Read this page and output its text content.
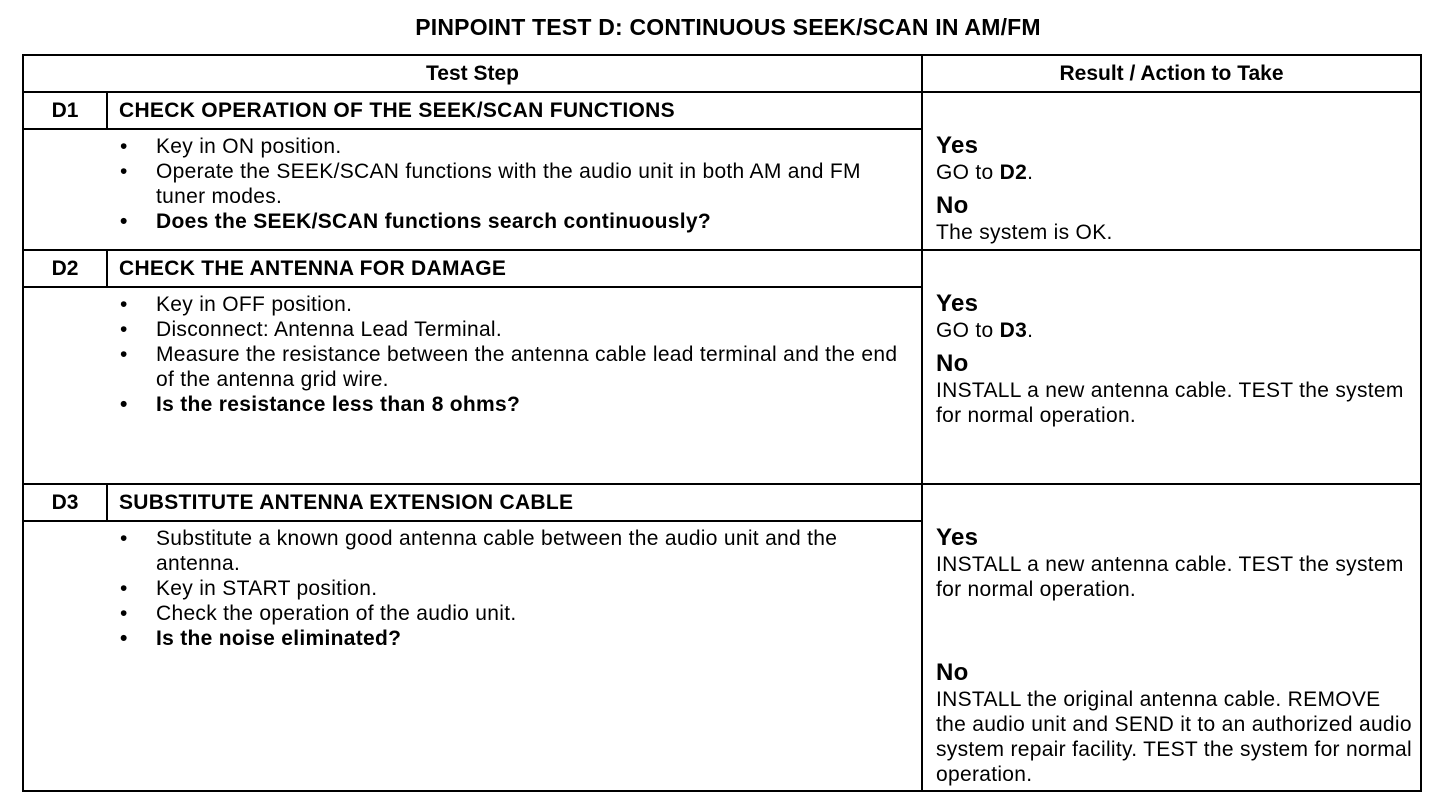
PINPOINT TEST D: CONTINUOUS SEEK/SCAN IN AM/FM
Test Step	Result / Action to Take
D1	CHECK OPERATION OF THE SEEK/SCAN FUNCTIONS
• Key in ON position.
• Operate the SEEK/SCAN functions with the audio unit in both AM and FM tuner modes.
• Does the SEEK/SCAN functions search continuously?
Yes
GO to D2.
No
The system is OK.
D2	CHECK THE ANTENNA FOR DAMAGE
• Key in OFF position.
• Disconnect: Antenna Lead Terminal.
• Measure the resistance between the antenna cable lead terminal and the end of the antenna grid wire.
• Is the resistance less than 8 ohms?
Yes
GO to D3.
No
INSTALL a new antenna cable. TEST the system for normal operation.
D3	SUBSTITUTE ANTENNA EXTENSION CABLE
• Substitute a known good antenna cable between the audio unit and the antenna.
• Key in START position.
• Check the operation of the audio unit.
• Is the noise eliminated?
Yes
INSTALL a new antenna cable. TEST the system for normal operation.
No
INSTALL the original antenna cable. REMOVE the audio unit and SEND it to an authorized audio system repair facility. TEST the system for normal operation.
